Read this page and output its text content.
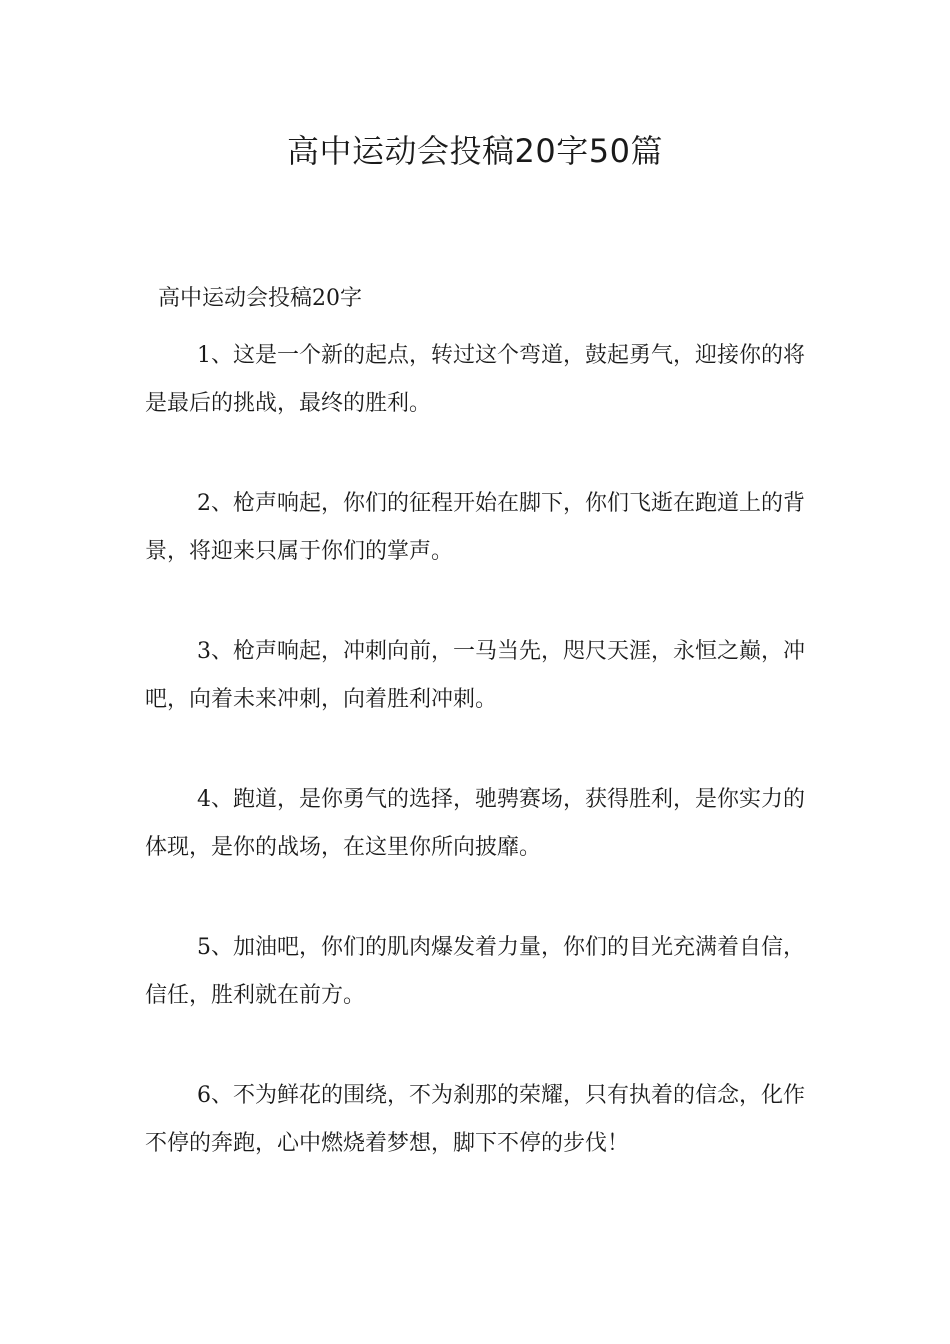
高中运动会投稿20字50篇

高中运动会投稿20字

1、这是一个新的起点，转过这个弯道，鼓起勇气，迎接你的将是最后的挑战，最终的胜利。
2、枪声响起，你们的征程开始在脚下，你们飞逝在跑道上的背景，将迎来只属于你们的掌声。
3、枪声响起，冲刺向前，一马当先，咫尺天涯，永恒之巅，冲吧，向着未来冲刺，向着胜利冲刺。
4、跑道，是你勇气的选择，驰骋赛场，获得胜利，是你实力的体现，是你的战场，在这里你所向披靡。
5、加油吧，你们的肌肉爆发着力量，你们的目光充满着自信，信任，胜利就在前方。
6、不为鲜花的围绕，不为刹那的荣耀，只有执着的信念，化作不停的奔跑，心中燃烧着梦想，脚下不停的步伐！
